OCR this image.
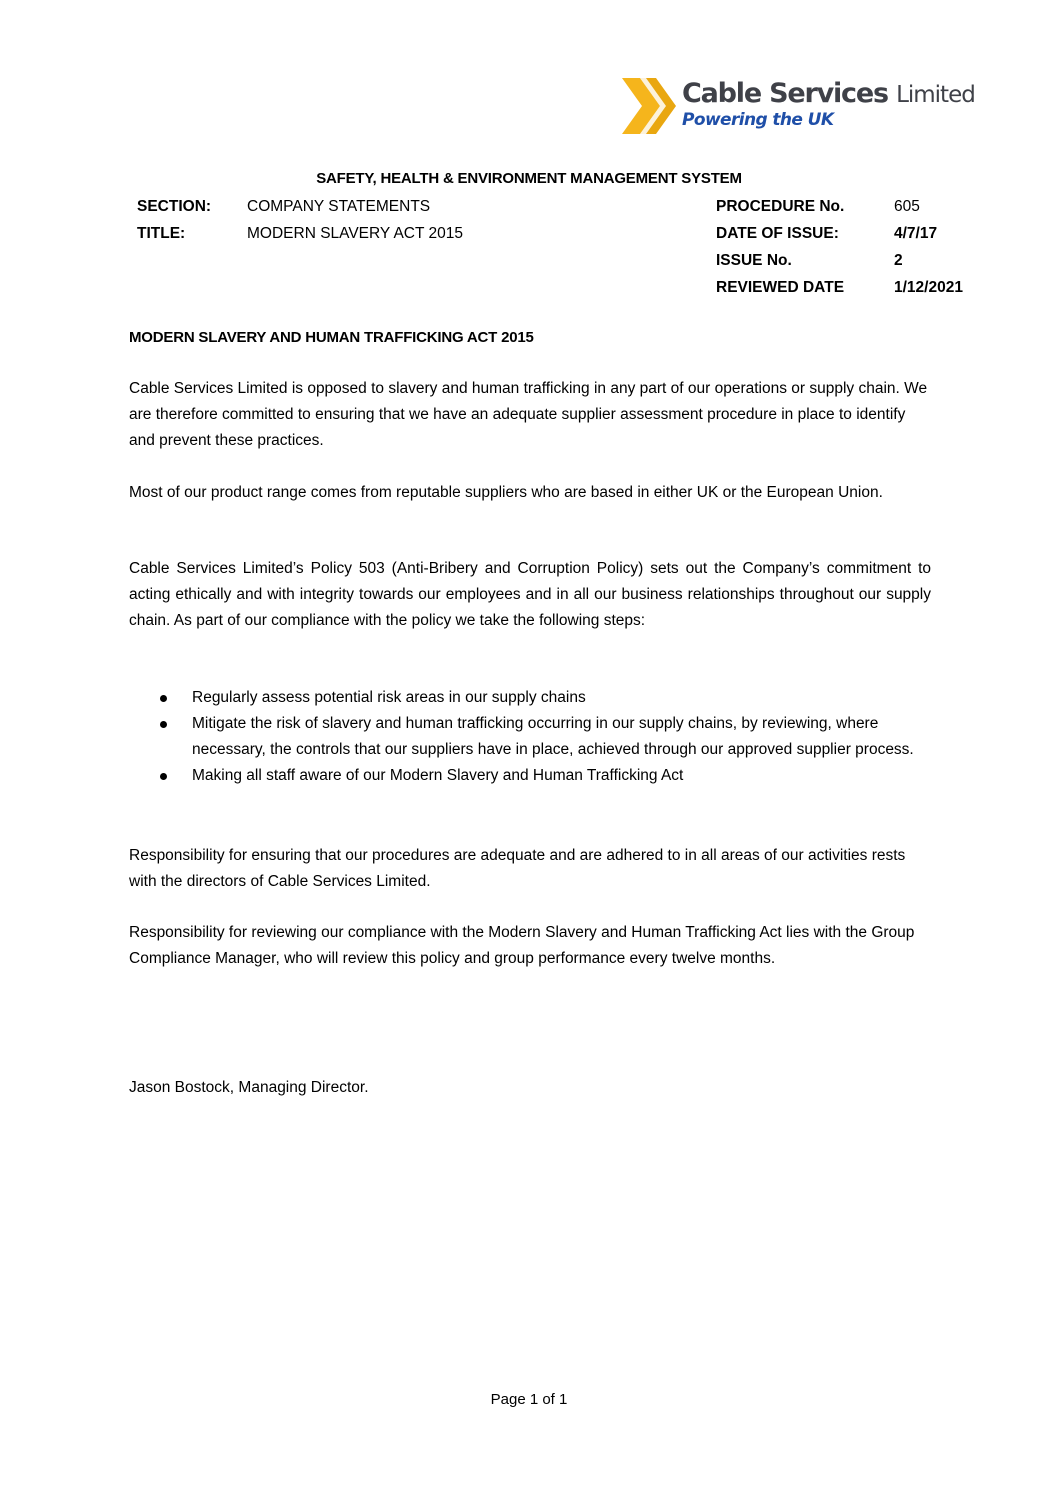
Cable Services Limited
Powering the UK
SAFETY, HEALTH & ENVIRONMENT MANAGEMENT SYSTEM
SECTION: COMPANY STATEMENTS
TITLE:	MODERN SLAVERY ACT 2015
PROCEDURE No.	605
DATE OF ISSUE:	4/7/17
ISSUE No.	2
REVIEWED DATE	1/12/2021
MODERN SLAVERY AND HUMAN TRAFFICKING ACT 2015

Cable Services Limited is opposed to slavery and human trafficking in any part of our operations or supply chain. We are therefore committed to ensuring that we have an adequate supplier assessment procedure in place to identify and prevent these practices.

Most of our product range comes from reputable suppliers who are based in either UK or the European Union.

Cable Services Limited’s Policy 503 (Anti-Bribery and Corruption Policy) sets out the Company’s commitment to acting ethically and with integrity towards our employees and in all our business relationships throughout our supply chain. As part of our compliance with the policy we take the following steps:

Regularly assess potential risk areas in our supply chains
Mitigate the risk of slavery and human trafficking occurring in our supply chains, by reviewing, where necessary, the controls that our suppliers have in place, achieved through our approved supplier process.
Making all staff aware of our Modern Slavery and Human Trafficking Act

Responsibility for ensuring that our procedures are adequate and are adhered to in all areas of our activities rests with the directors of Cable Services Limited.

Responsibility for reviewing our compliance with the Modern Slavery and Human Trafficking Act lies with the Group Compliance Manager, who will review this policy and group performance every twelve months.

Jason Bostock, Managing Director.
Page 1 of 1
